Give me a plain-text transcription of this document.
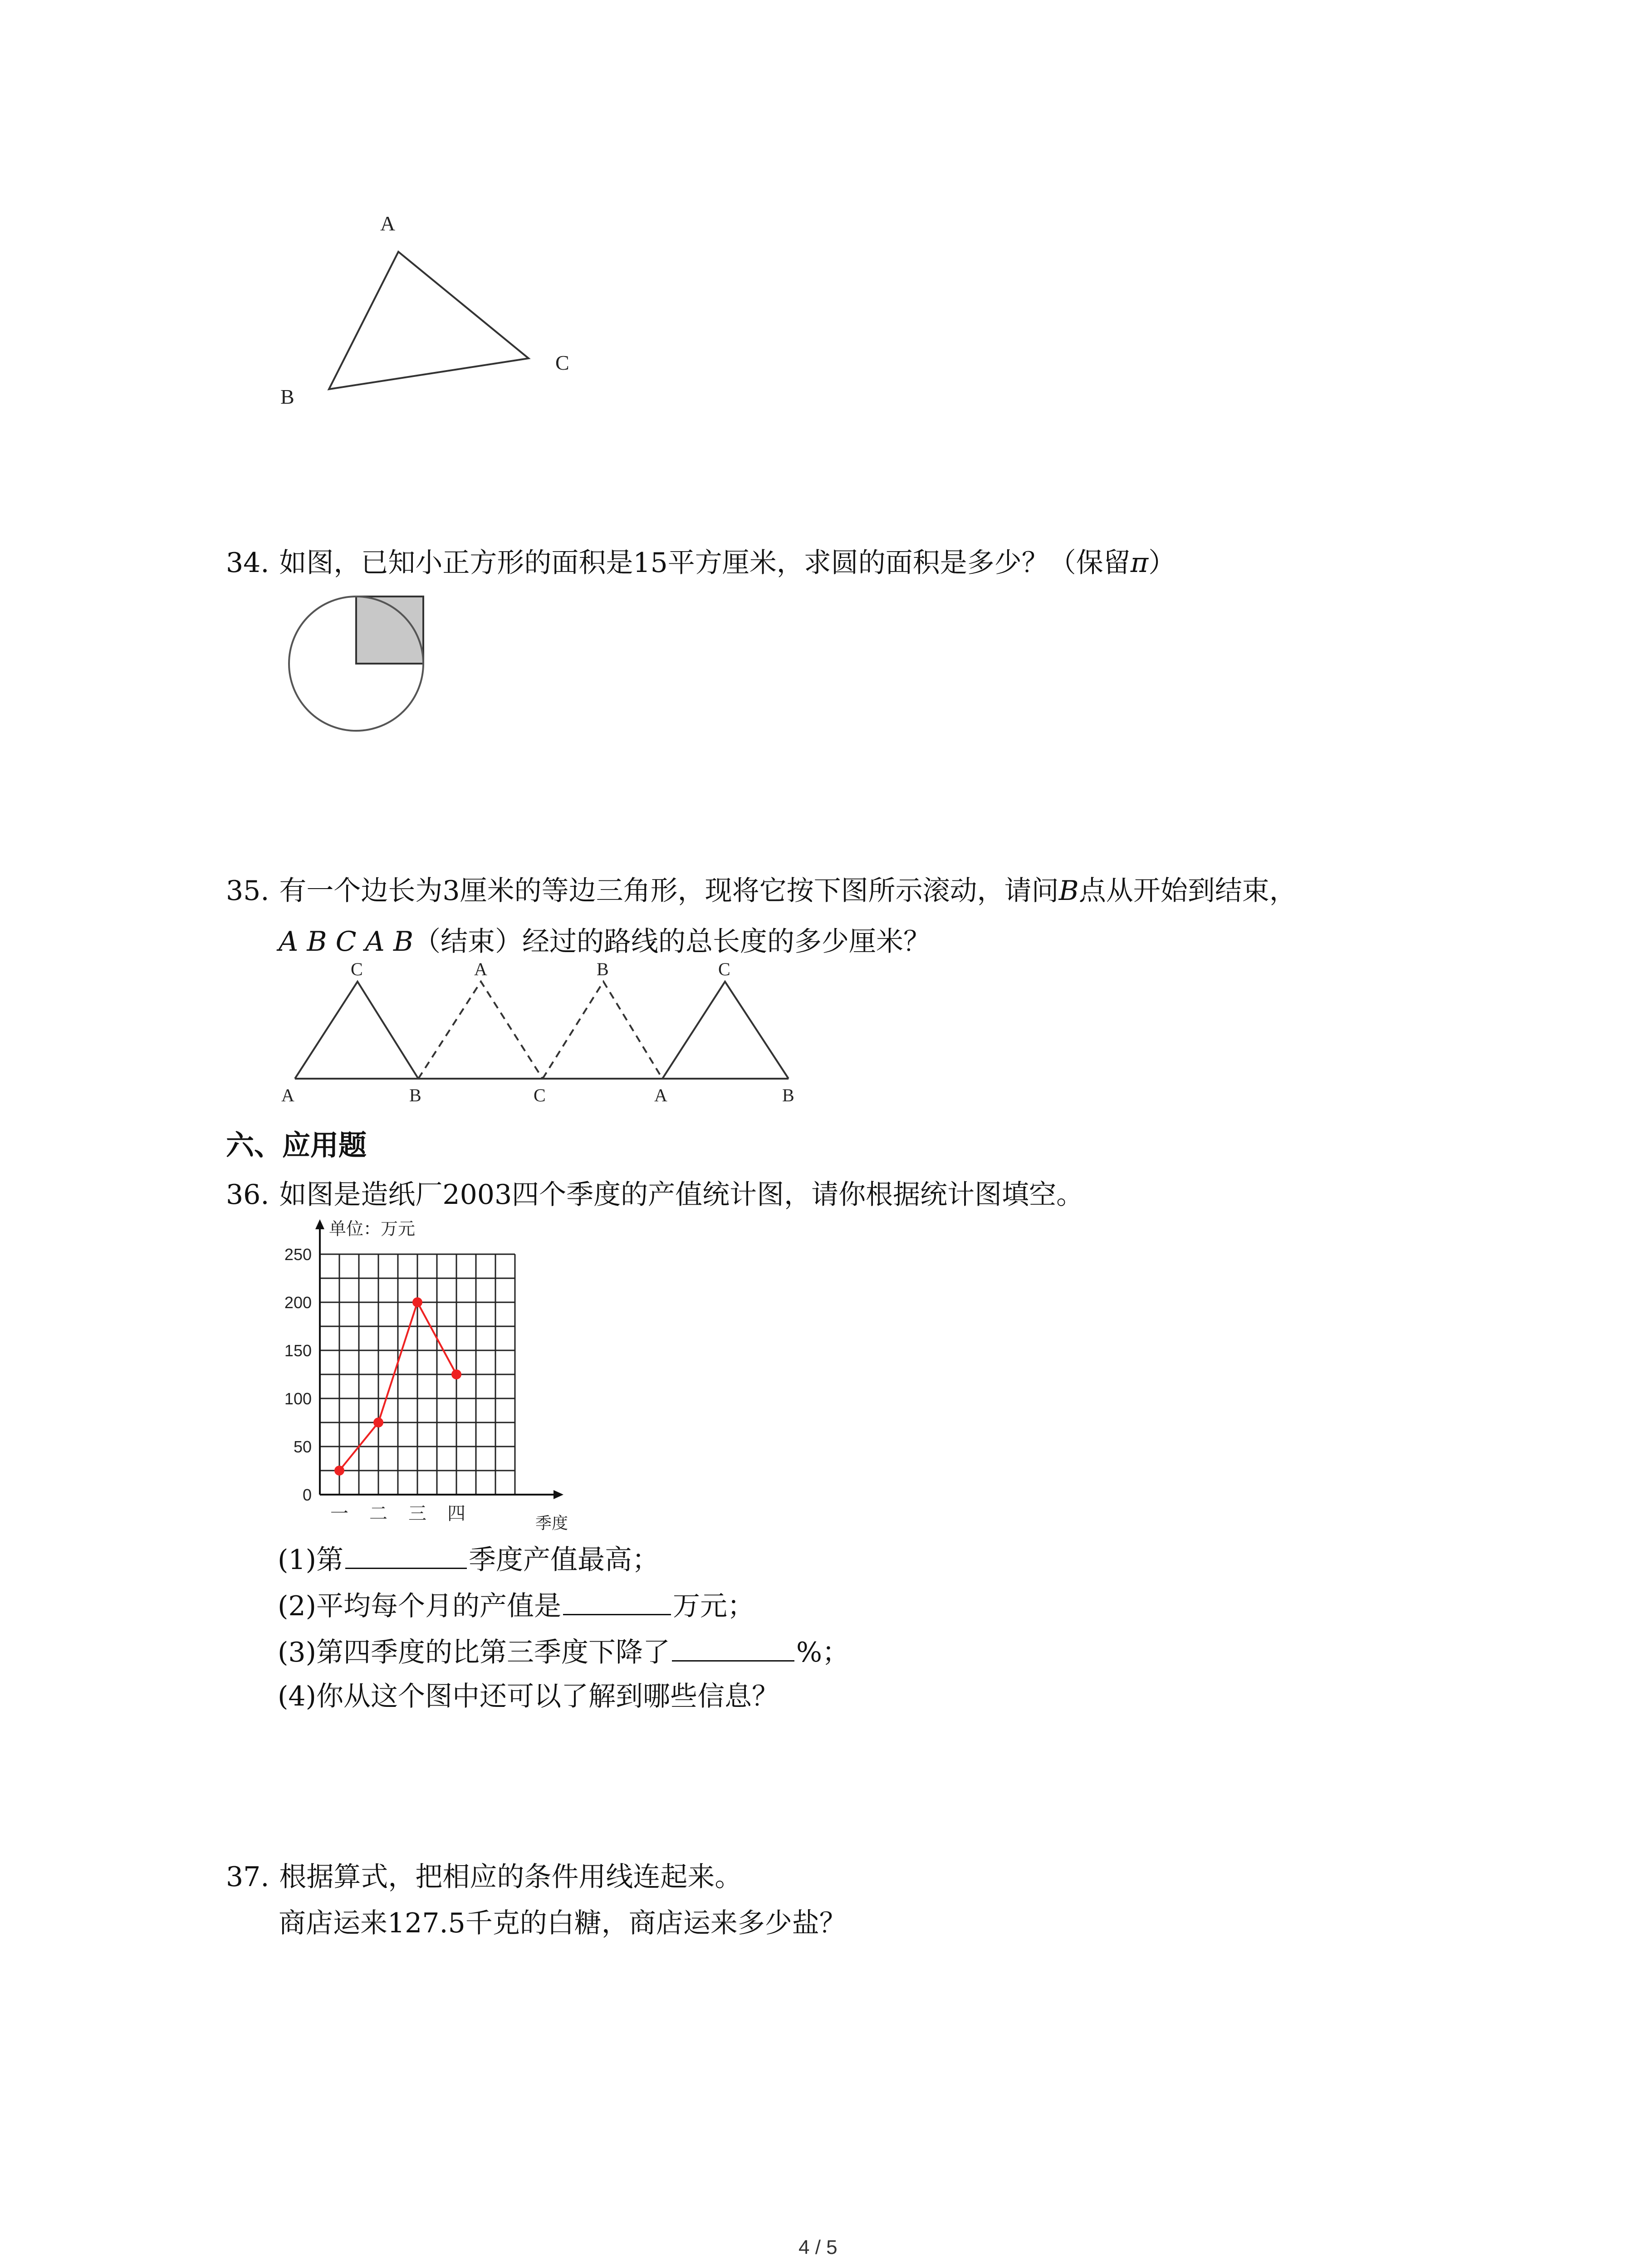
A
B
C
34. 如图，已知小正方形的面积是15平方厘米，求圆的面积是多少？（保留π）
35. 有一个边长为3厘米的等边三角形，现将它按下图所示滚动，请问B点从开始到结束，
A B C A B（结束）经过的路线的总长度的多少厘米？
C	A	B	C
A	B	C	A	B
六、应用题
36. 如图是造纸厂2003四个季度的产值统计图，请你根据统计图填空。
250
200
150
100
50
0
一 二 三 四
单位：万元
季度
(1)第	季度产值最高；
(2)平均每个月的产值是	万元；
(3)第四季度的比第三季度下降了	%；
(4)你从这个图中还可以了解到哪些信息？
37. 根据算式，把相应的条件用线连起来。
商店运来127.5千克的白糖，商店运来多少盐？
4 / 5
